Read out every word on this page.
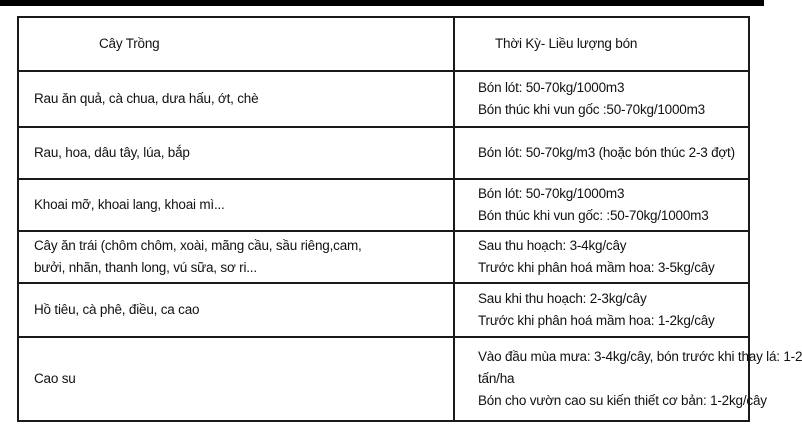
Cây Trồng	Thời Kỳ- Liều lượng bón

Rau ăn quả, cà chua, dưa hấu, ớt, chè	Bón lót: 50-70kg/1000m3
Bón thúc khi vun gốc :50-70kg/1000m3

Rau, hoa, dâu tây, lúa, bắp	Bón lót: 50-70kg/m3 (hoặc bón thúc 2-3 đợt)

Khoai mỡ, khoai lang, khoai mì...	Bón lót: 50-70kg/1000m3
Bón thúc khi vun gốc: :50-70kg/1000m3

Cây ăn trái (chôm chôm, xoài, mãng cầu, sầu riêng,cam,
bưởi, nhãn, thanh long, vú sữa, sơ ri...	Sau thu hoạch: 3-4kg/cây
Trước khi phân hoá mầm hoa: 3-5kg/cây

Hồ tiêu, cà phê, điều, ca cao	Sau khi thu hoạch: 2-3kg/cây
Trước khi phân hoá mầm hoa: 1-2kg/cây

Cao su	Vào đầu mùa mưa: 3-4kg/cây, bón trước khi thay lá: 1-2
tấn/ha
Bón cho vườn cao su kiến thiết cơ bản: 1-2kg/cây
